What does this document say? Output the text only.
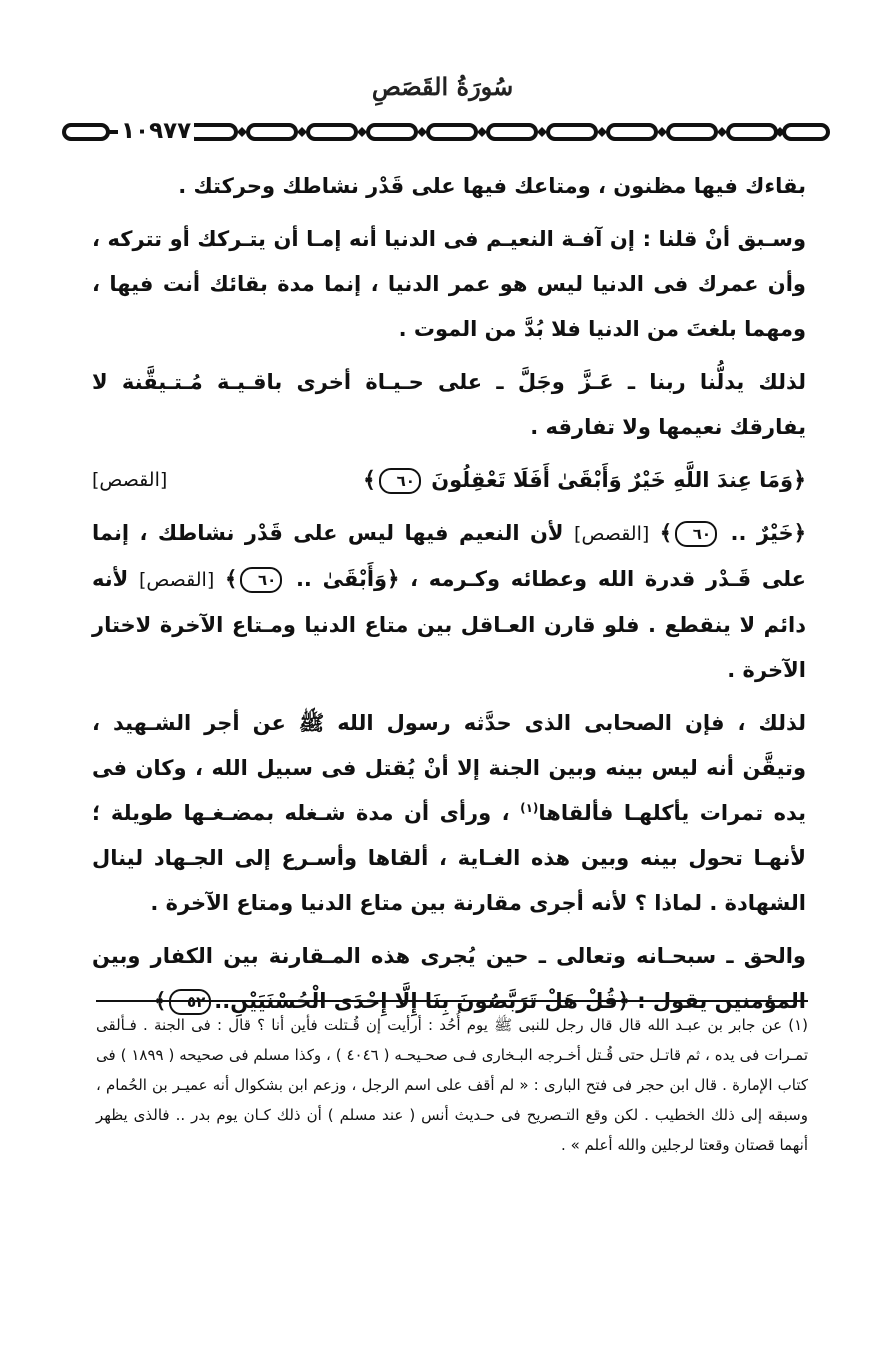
سُورَةُ القَصَصِ
١٠٩٧٧

بقاءك فيها مظنون ، ومتاعك فيها على قَدْر نشاطك وحركتك .

وسـبق أنْ قلنا : إن آفـة النعيـم فى الدنيا أنه إمـا أن يتـركك أو تتركه ، وأن عمرك فى الدنيا ليس هو عمر الدنيا ، إنما مدة بقائك أنت فيها ، ومهما بلغتَ من الدنيا فلا بُدَّ من الموت .

لذلك يدلُّنا ربنا ـ عَـزَّ وجَلَّ ـ على حـيـاة أخرى باقـيـة مُـتـيقَّنة لا يفارقك نعيمها ولا تفارقه .

﴿وَمَا عِندَ اللَّهِ خَيْرٌ وَأَبْقَىٰ أَفَلَا تَعْقِلُونَ ٦٠﴾
[القصص]

﴿خَيْرٌ .. ٦٠﴾ [القصص] لأن النعيم فيها ليس على قَدْر نشاطك ، إنما على قَـدْر قدرة الله وعطائه وكـرمه ، ﴿وَأَبْقَىٰ .. ٦٠﴾ [القصص] لأنه دائم لا ينقطع . فلو قارن العـاقل بين متاع الدنيا ومـتاع الآخرة لاختار الآخرة .

لذلك ، فإن الصحابى الذى حدَّثه رسول الله ﷺ عن أجر الشـهيد ، وتيقَّن أنه ليس بينه وبين الجنة إلا أنْ يُقتل فى سبيل الله ، وكان فى يده تمرات يأكلهـا فألقاها$^{(١)}$ ، ورأى أن مدة شـغله بمضـغـها طويلة ؛ لأنهـا تحول بينه وبين هذه الغـاية ، ألقاها وأسـرع إلى الجـهاد لينال الشهادة . لماذا ؟ لأنه أجرى مقارنة بين متاع الدنيا ومتاع الآخرة .

والحق ـ سبحـانه وتعالى ـ حين يُجرى هذه المـقارنة بين الكفار وبين المؤمنين يقول : ﴿قُلْ هَلْ تَرَبَّصُونَ بِنَا إِلَّا إِحْدَى الْحُسْنَيَيْنِ..٥٢﴾

(١) عن جابر بن عبـد الله قال قال رجل للنبى ﷺ يوم أُحُد : أرأيت إن قُـتلت فأين أنا ؟ قال : فى الجنة . فـألقى تمـرات فى يده ، ثم قاتـل حتى قُـتل أخـرجه البـخارى فـى صحـيحـه ( ٤٠٤٦ ) ، وكذا مسلم فى صحيحه ( ١٨٩٩ ) فى كتاب الإمارة . قال ابن حجر فى فتح البارى : « لم أقف على اسم الرجل ، وزعم ابن بشكوال أنه عميـر بن الحُمام ، وسبقه إلى ذلك الخطيب . لكن وقع التـصريح فى حـديث أنس ( عند مسلم ) أن ذلك كـان يوم بدر .. فالذى يظهر أنهما قصتان وقعتا لرجلين والله أعلم » .
